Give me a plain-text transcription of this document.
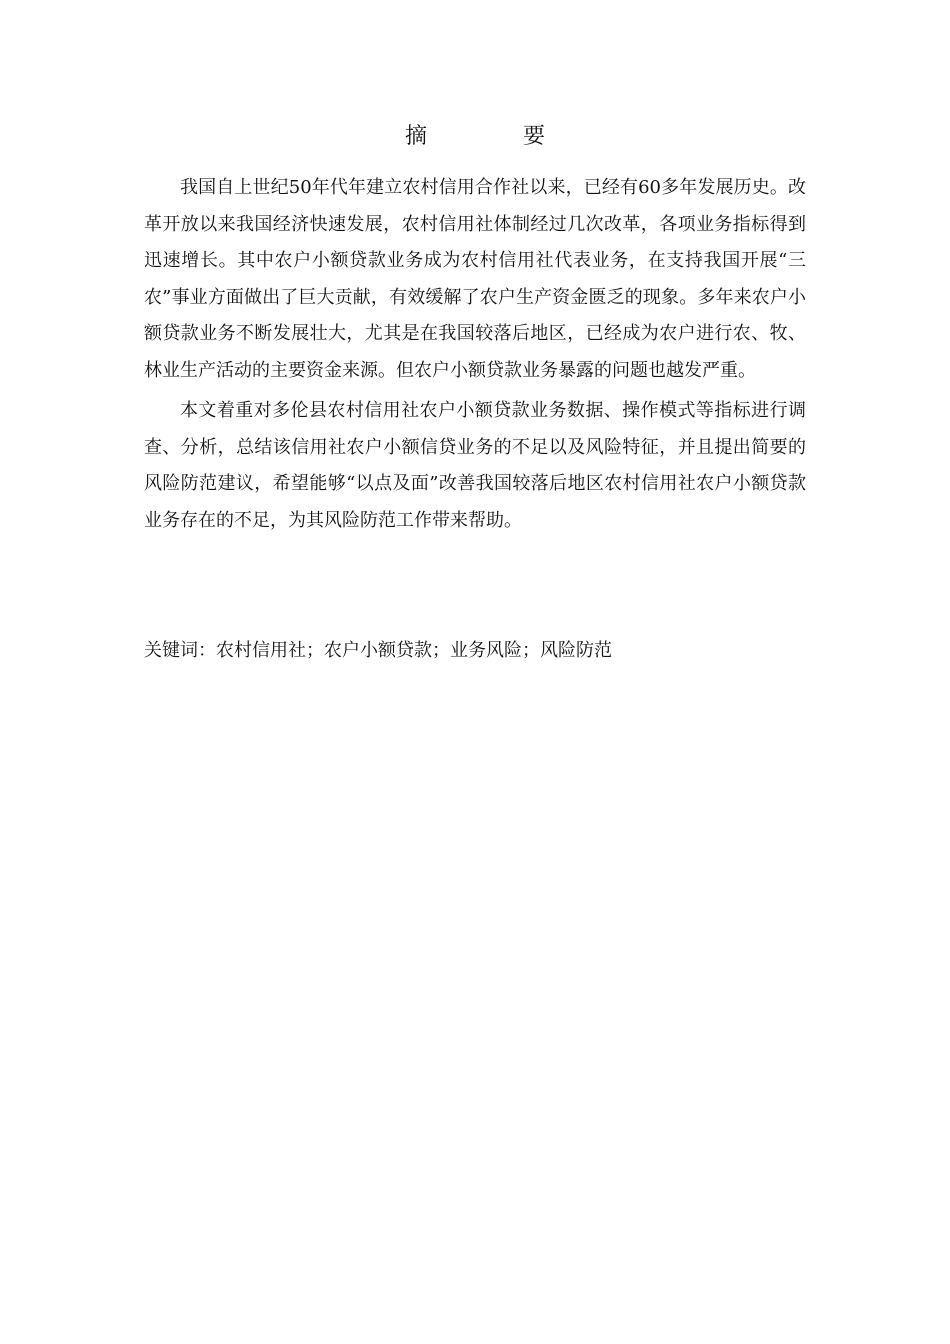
摘	要

我国自上世纪50年代年建立农村信用合作社以来，已经有60多年发展历史。改革开放以来我国经济快速发展，农村信用社体制经过几次改革，各项业务指标得到迅速增长。其中农户小额贷款业务成为农村信用社代表业务，在支持我国开展“三农”事业方面做出了巨大贡献，有效缓解了农户生产资金匮乏的现象。多年来农户小额贷款业务不断发展壮大，尤其是在我国较落后地区，已经成为农户进行农、牧、林业生产活动的主要资金来源。但农户小额贷款业务暴露的问题也越发严重。

本文着重对多伦县农村信用社农户小额贷款业务数据、操作模式等指标进行调查、分析，总结该信用社农户小额信贷业务的不足以及风险特征，并且提出简要的风险防范建议，希望能够“以点及面”改善我国较落后地区农村信用社农户小额贷款业务存在的不足，为其风险防范工作带来帮助。

关键词：农村信用社；农户小额贷款；业务风险；风险防范
